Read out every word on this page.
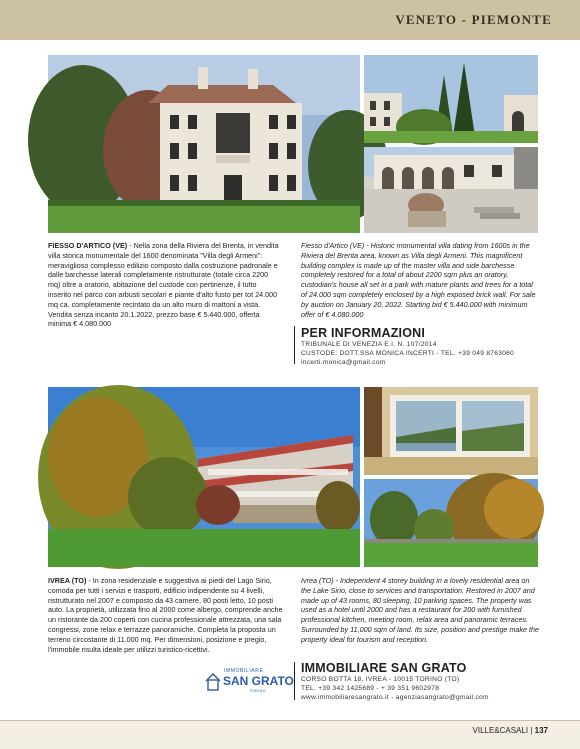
VENETO - PIEMONTE
FIESSO D'ARTICO (VE) - Nella zona della Riviera del Brenta, in vendita villa storica monumentale del 1600 denominata "Villa degli Armeni": meraviglioso complesso edilizio composto dalla costruzione padronale e dalle barchesse laterali completamente ristrutturate (totale circa 2200 mq) oltre a oratorio, abitazione del custode con pertinenze, il tutto inserito nel parco con arbusti secolari e piante d'alto fusto per tot 24.000 mq ca. completamente recintato da un alto muro di mattoni a vista. Vendita senza incanto 20.1.2022, prezzo base € 5.440.000, offerta minima € 4.080.000
Fiesso d'Artico (VE) - Historic monumental villa dating from 1600s in the Riviera del Brenta area, known as Villa degli Armeni. This magnificent building complex is made up of the master villa and side barchesse completely restored for a total of about 2200 sqm plus an oratory, custodian's house all set in a park with mature plants and trees for a total of 24.000 sqm completely enclosed by a high exposed brick wall. For sale by auction on January 20, 2022. Starting bid € 5.440.000 with minimum offer of € 4.080.000
PER INFORMAZIONI
TRIBUNALE DI VENEZIA E.I. N. 107/2014
CUSTODE: DOTT.SSA MONICA INCERTI - TEL. +39 049 8763060
incerti.monica@gmail.com
IVREA (TO) - In zona residenziale e suggestiva ai piedi del Lago Sirio, comoda per tutti i servizi e trasporti, edificio indipendente su 4 livelli, ristrutturato nel 2007 e composto da 43 camere, 80 posti letto, 10 posti auto. La proprietà, utilizzata fino al 2000 come albergo, comprende anche un ristorante da 200 coperti con cucina professionale attrezzata, una sala congressi, zone relax e terrazze panoramiche. Completa la proposta un terreno circostante di 11.000 mq. Per dimensioni, posizione e pregio, l'immobile risulta ideale per utilizzi turistico-ricettivi.
Ivrea (TO) - Independent 4 storey building in a lovely residential area on the Lake Sirio, close to services and transportation. Restored in 2007 and made up of 43 rooms, 80 sleeping, 10 parking spaces. The property was used as a hotel until 2000 and has a restaurant for 200 with furnished professional kitchen, meeting room, relax area and panoramic terraces. Surrounded by 11,000 sqm of land. Its size, position and prestige make the property ideal for tourism and reception.
IMMOBILIARE
SAN GRATO
TORINO
IMMOBILIARE SAN GRATO
CORSO BOTTA 18, IVREA - 10015 TORINO (TO)
TEL. +39 342 1425689 - + 39 351 9602978
www.immobiliaresangrato.it - agenziasangrato@gmail.com
VILLE&CASALI | 137
